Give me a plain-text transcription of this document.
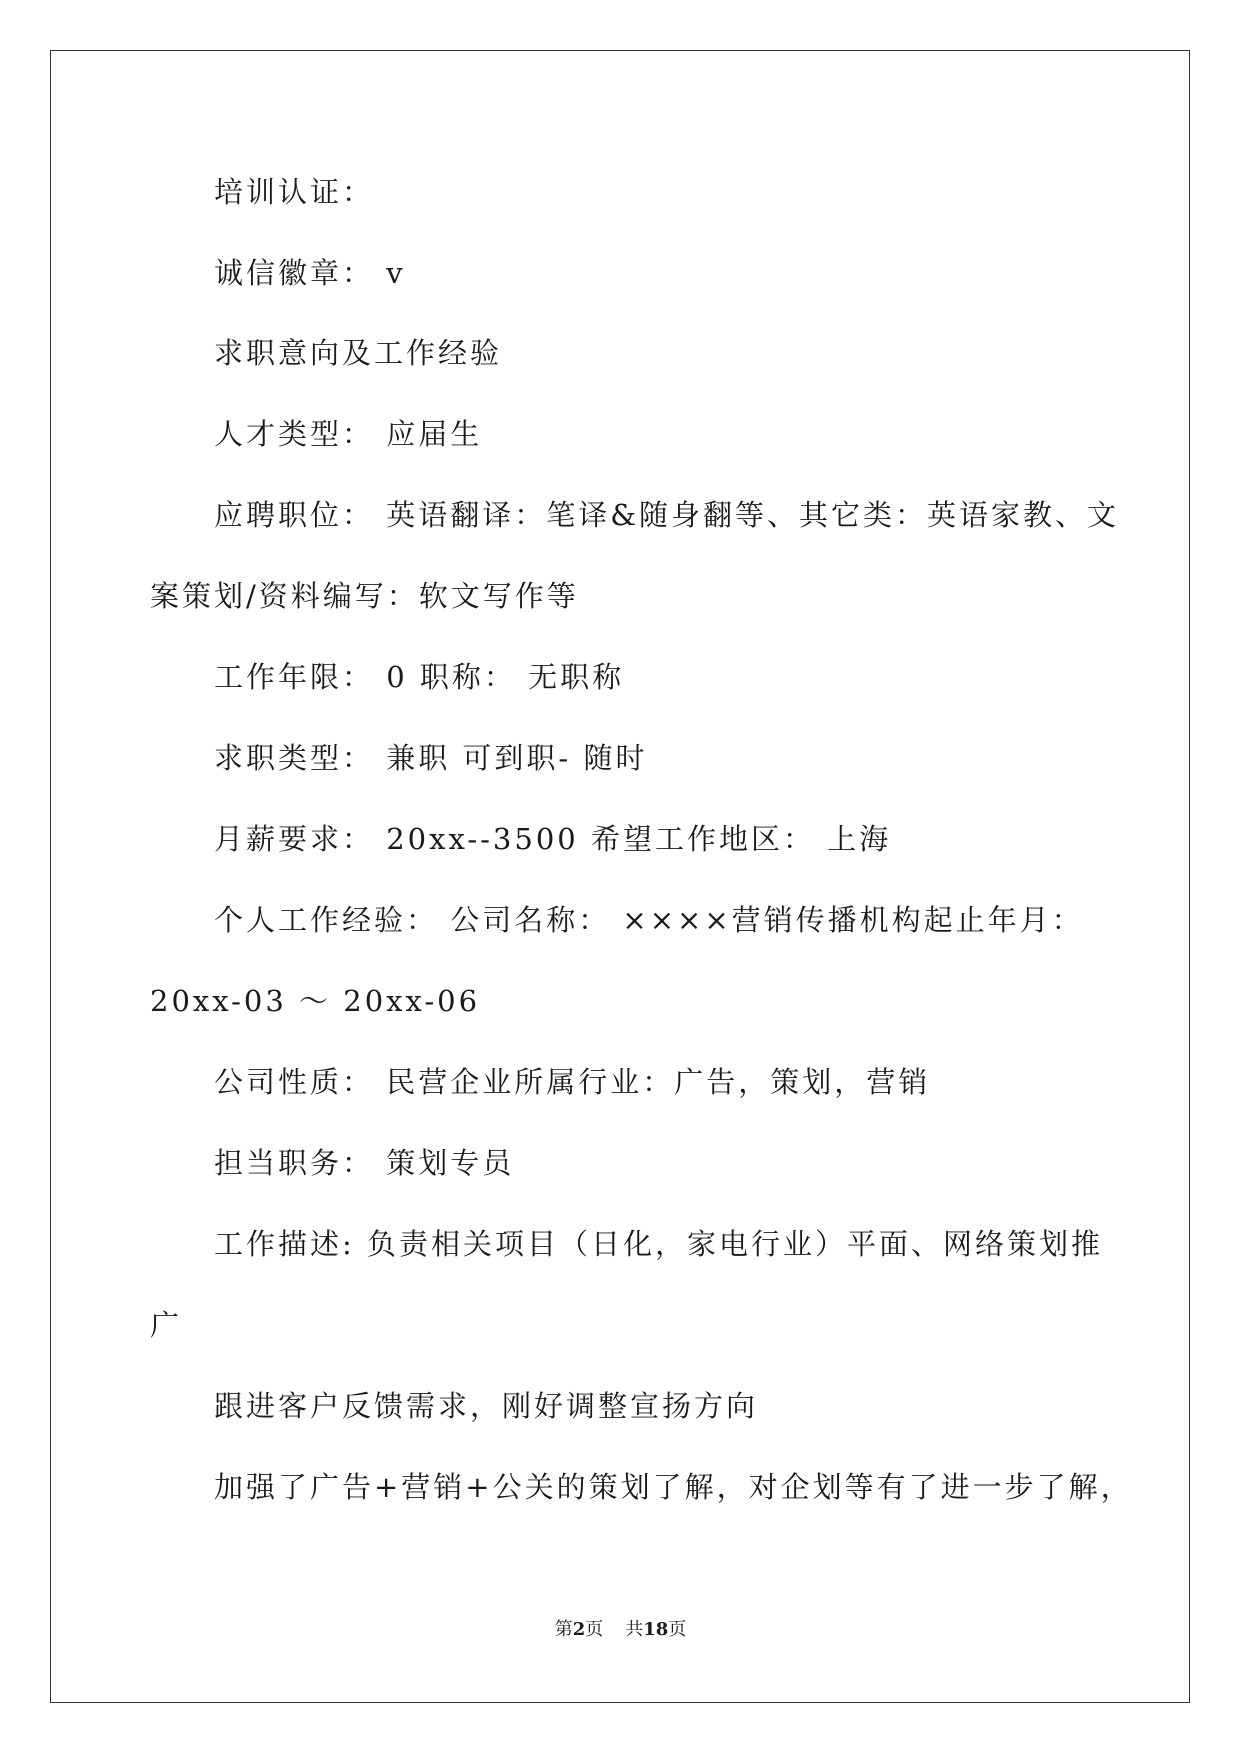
培训认证：
诚信徽章： v
求职意向及工作经验
人才类型： 应届生
应聘职位： 英语翻译：笔译&随身翻等、其它类：英语家教、文
案策划/资料编写：软文写作等
工作年限： 0 职称： 无职称
求职类型： 兼职 可到职- 随时
月薪要求： 20xx--3500 希望工作地区： 上海
个人工作经验： 公司名称： ××××营销传播机构起止年月：
20xx-03 ～ 20xx-06
公司性质： 民营企业所属行业：广告，策划，营销
担当职务： 策划专员
工作描述: 负责相关项目（日化，家电行业）平面、网络策划推
广
跟进客户反馈需求，刚好调整宣扬方向
加强了广告+营销+公关的策划了解，对企划等有了进一步了解，
第2页 共18页
